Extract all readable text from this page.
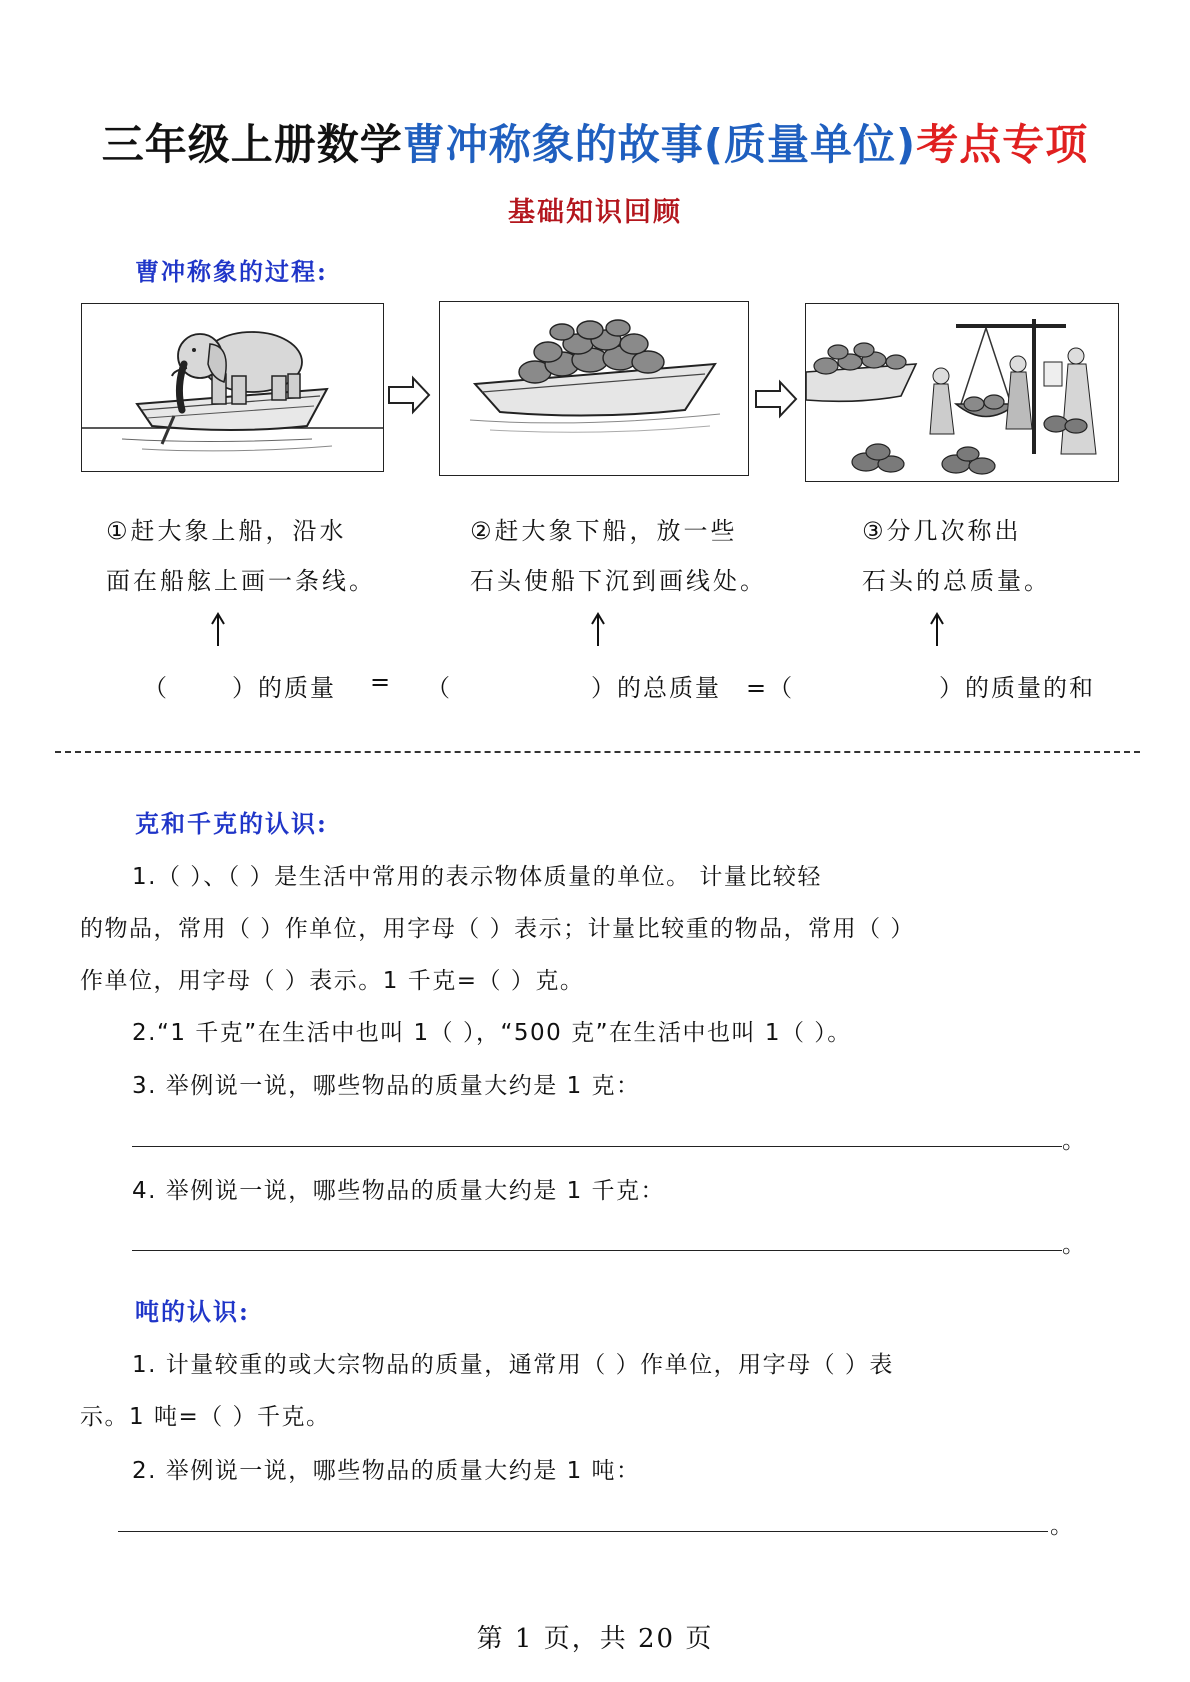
三年级上册数学曹冲称象的故事(质量单位)考点专项
基础知识回顾
曹冲称象的过程:
①赶大象上船，沿水
面在船舷上画一条线。
②赶大象下船，放一些
石头使船下沉到画线处。
③分几次称出
石头的总质量。
（	）的质量 = （	）的总质量 =（	）的质量的和
克和千克的认识:
1.（ ）、（ ）是生活中常用的表示物体质量的单位。 计量比较轻
的物品，常用（ ）作单位，用字母（ ）表示；计量比较重的物品，常用（ ）
作单位，用字母（ ）表示。1 千克=（ ）克。
2.“1 千克”在生活中也叫 1（ ），“500 克”在生活中也叫 1（ ）。
3. 举例说一说，哪些物品的质量大约是 1 克：
。
4. 举例说一说，哪些物品的质量大约是 1 千克：
。
吨的认识:
1. 计量较重的或大宗物品的质量，通常用（ ）作单位，用字母（ ）表
示。1 吨=（ ）千克。
2. 举例说一说，哪些物品的质量大约是 1 吨：
。
第 1 页，共 20 页
